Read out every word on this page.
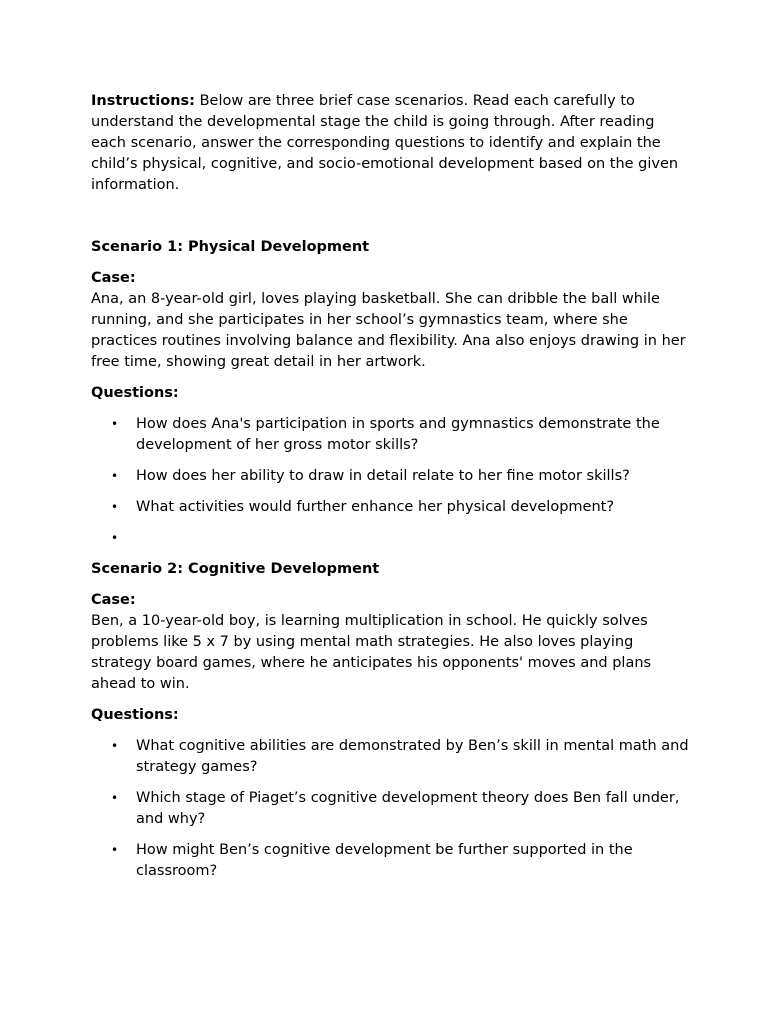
Instructions: Below are three brief case scenarios. Read each carefully to understand the developmental stage the child is going through. After reading each scenario, answer the corresponding questions to identify and explain the child’s physical, cognitive, and socio-emotional development based on the given information.

Scenario 1: Physical Development

Case:

Ana, an 8-year-old girl, loves playing basketball. She can dribble the ball while running, and she participates in her school’s gymnastics team, where she practices routines involving balance and flexibility. Ana also enjoys drawing in her free time, showing great detail in her artwork.

Questions:

• How does Ana's participation in sports and gymnastics demonstrate the development of her gross motor skills?
• How does her ability to draw in detail relate to her fine motor skills?
• What activities would further enhance her physical development?
•

Scenario 2: Cognitive Development

Case:

Ben, a 10-year-old boy, is learning multiplication in school. He quickly solves problems like 5 x 7 by using mental math strategies. He also loves playing strategy board games, where he anticipates his opponents' moves and plans ahead to win.

Questions:

• What cognitive abilities are demonstrated by Ben’s skill in mental math and strategy games?
• Which stage of Piaget’s cognitive development theory does Ben fall under, and why?
• How might Ben’s cognitive development be further supported in the classroom?
